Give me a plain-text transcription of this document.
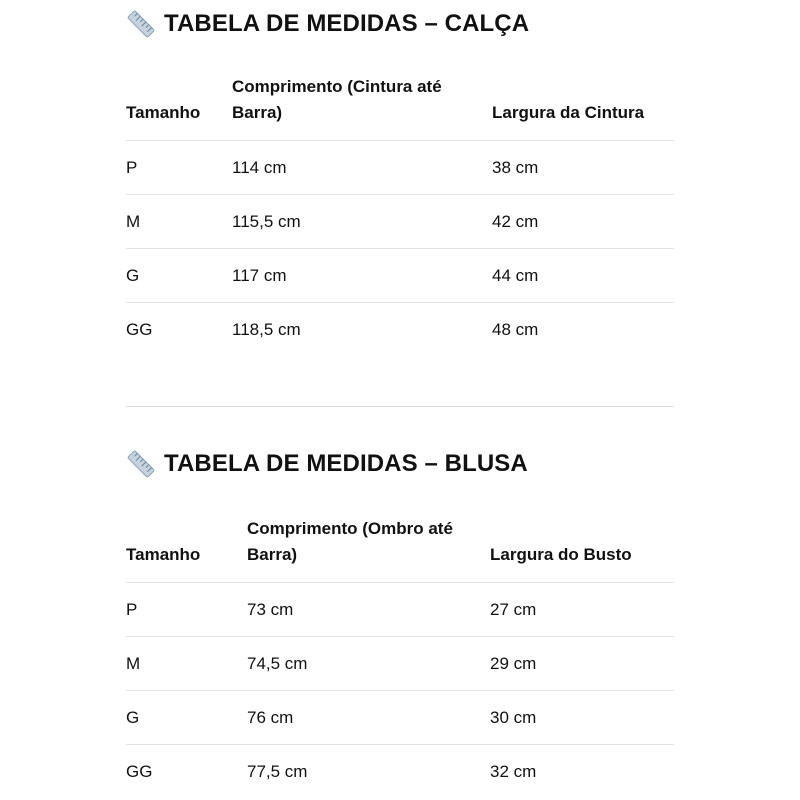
TABELA DE MEDIDAS – CALÇA
Tamanho	Comprimento (Cintura até Barra)	Largura da Cintura
P	114 cm	38 cm
M	115,5 cm	42 cm
G	117 cm	44 cm
GG	118,5 cm	48 cm
TABELA DE MEDIDAS – BLUSA
Tamanho	Comprimento (Ombro até Barra)	Largura do Busto
P	73 cm	27 cm
M	74,5 cm	29 cm
G	76 cm	30 cm
GG	77,5 cm	32 cm
